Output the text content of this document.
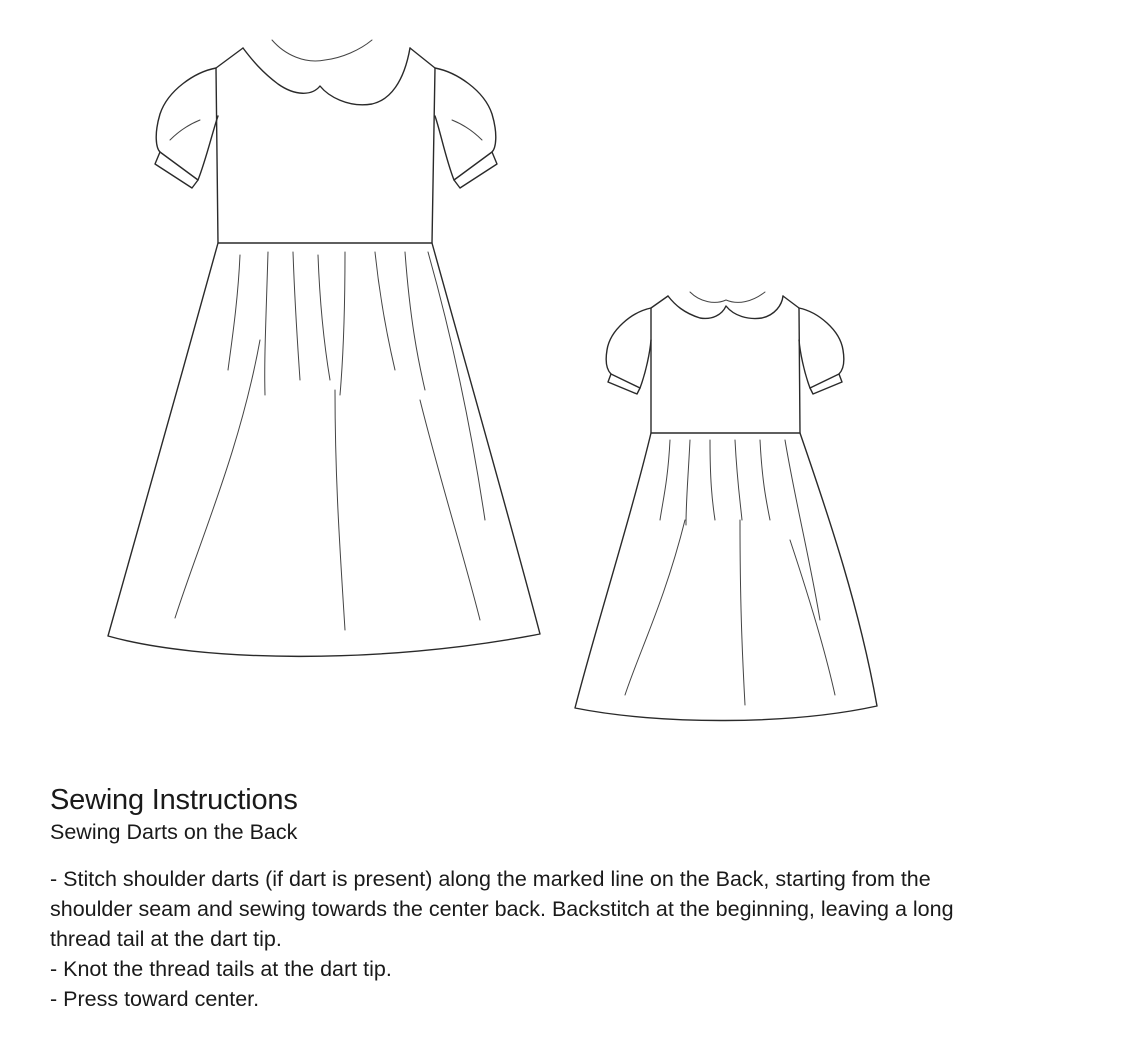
Sewing Instructions
Sewing Darts on the Back
- Stitch shoulder darts (if dart is present) along the marked line on the Back, starting from the
shoulder seam and sewing towards the center back. Backstitch at the beginning, leaving a long
thread tail at the dart tip.
- Knot the thread tails at the dart tip.
- Press toward center.
